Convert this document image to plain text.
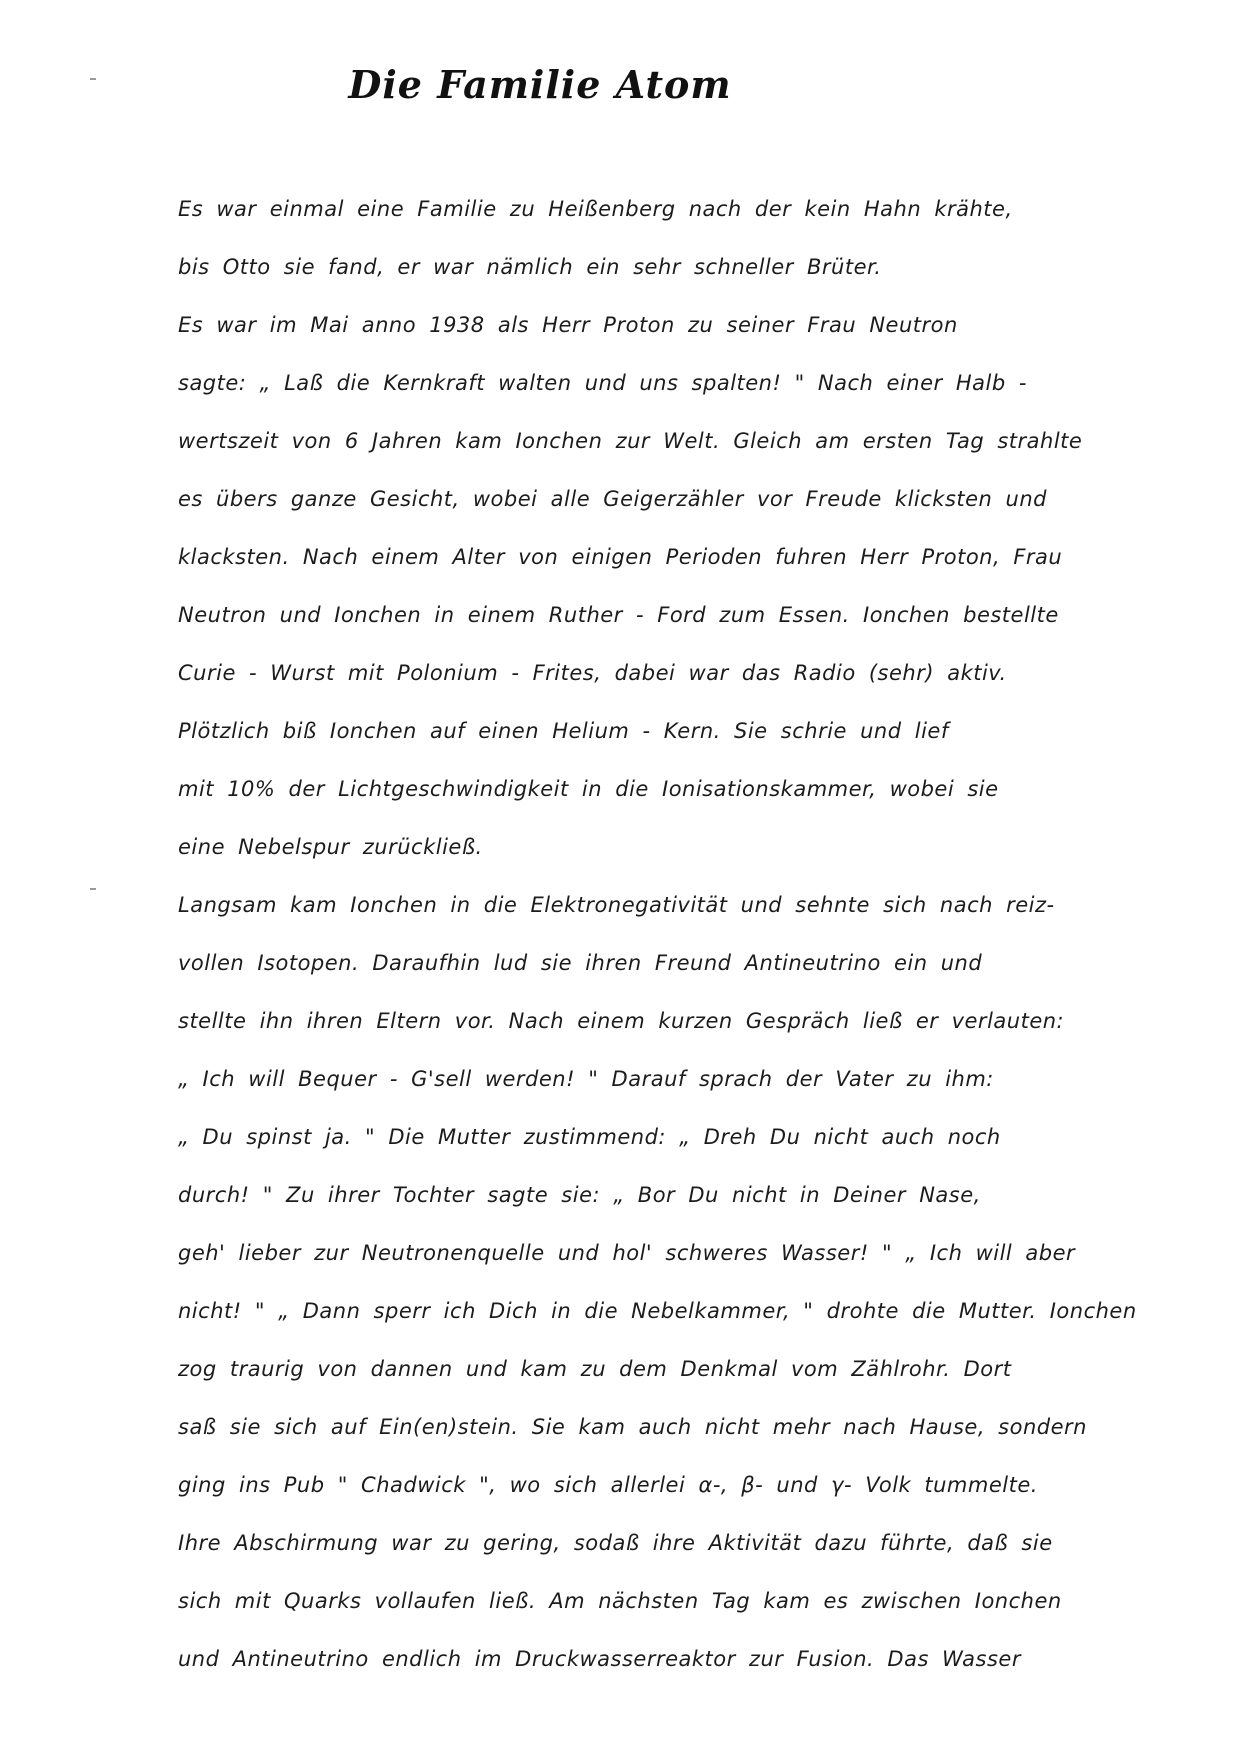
Die Familie Atom
Es war einmal eine Familie zu Heißenberg nach der kein Hahn krähte,
bis Otto sie fand, er war nämlich ein sehr schneller Brüter.
Es war im Mai anno 1938 als Herr Proton zu seiner Frau Neutron
sagte: „ Laß die Kernkraft walten und uns spalten! " Nach einer Halb -
wertszeit von 6 Jahren kam Ionchen zur Welt. Gleich am ersten Tag strahlte
es übers ganze Gesicht, wobei alle Geigerzähler vor Freude klicksten und
klacksten. Nach einem Alter von einigen Perioden fuhren Herr Proton, Frau
Neutron und Ionchen in einem Ruther - Ford zum Essen. Ionchen bestellte
Curie - Wurst mit Polonium - Frites, dabei war das Radio (sehr) aktiv.
Plötzlich biß Ionchen auf einen Helium - Kern. Sie schrie und lief
mit 10% der Lichtgeschwindigkeit in die Ionisationskammer, wobei sie
eine Nebelspur zurückließ.
Langsam kam Ionchen in die Elektronegativität und sehnte sich nach reiz-
vollen Isotopen. Daraufhin lud sie ihren Freund Antineutrino ein und
stellte ihn ihren Eltern vor. Nach einem kurzen Gespräch ließ er verlauten:
„ Ich will Bequer - G'sell werden! " Darauf sprach der Vater zu ihm:
„ Du spinst ja. " Die Mutter zustimmend: „ Dreh Du nicht auch noch
durch! " Zu ihrer Tochter sagte sie: „ Bor Du nicht in Deiner Nase,
geh' lieber zur Neutronenquelle und hol' schweres Wasser! " „ Ich will aber
nicht! " „ Dann sperr ich Dich in die Nebelkammer, " drohte die Mutter. Ionchen
zog traurig von dannen und kam zu dem Denkmal vom Zählrohr. Dort
saß sie sich auf Ein(en)stein. Sie kam auch nicht mehr nach Hause, sondern
ging ins Pub " Chadwick ", wo sich allerlei α-, β- und γ- Volk tummelte.
Ihre Abschirmung war zu gering, sodaß ihre Aktivität dazu führte, daß sie
sich mit Quarks vollaufen ließ. Am nächsten Tag kam es zwischen Ionchen
und Antineutrino endlich im Druckwasserreaktor zur Fusion. Das Wasser
